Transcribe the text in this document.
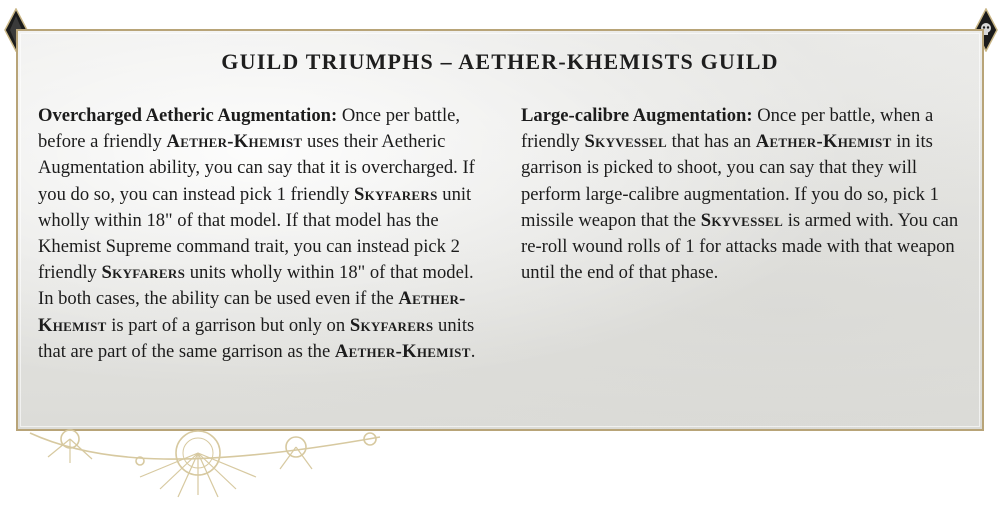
GUILD TRIUMPHS – AETHER-KHEMISTS GUILD
Overcharged Aetheric Augmentation: Once per battle, before a friendly Aether-Khemist uses their Aetheric Augmentation ability, you can say that it is overcharged. If you do so, you can instead pick 1 friendly Skyfarers unit wholly within 18" of that model. If that model has the Khemist Supreme command trait, you can instead pick 2 friendly Skyfarers units wholly within 18" of that model. In both cases, the ability can be used even if the Aether-Khemist is part of a garrison but only on Skyfarers units that are part of the same garrison as the Aether-Khemist.
Large-calibre Augmentation: Once per battle, when a friendly Skyvessel that has an Aether-Khemist in its garrison is picked to shoot, you can say that they will perform large-calibre augmentation. If you do so, pick 1 missile weapon that the Skyvessel is armed with. You can re-roll wound rolls of 1 for attacks made with that weapon until the end of that phase.
